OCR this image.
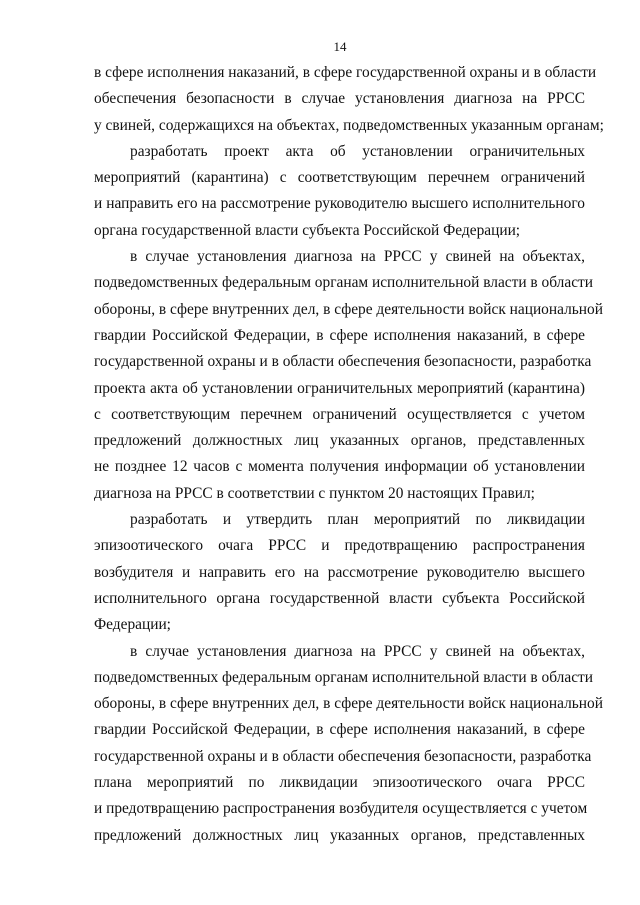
14
в сфере исполнения наказаний, в сфере государственной охраны и в области
обеспечения безопасности в случае установления диагноза на РРСС
у свиней, содержащихся на объектах, подведомственных указанным органам;
разработать проект акта об установлении ограничительных
мероприятий (карантина) с соответствующим перечнем ограничений
и направить его на рассмотрение руководителю высшего исполнительного
органа государственной власти субъекта Российской Федерации;
в случае установления диагноза на РРСС у свиней на объектах,
подведомственных федеральным органам исполнительной власти в области
обороны, в сфере внутренних дел, в сфере деятельности войск национальной
гвардии Российской Федерации, в сфере исполнения наказаний, в сфере
государственной охраны и в области обеспечения безопасности, разработка
проекта акта об установлении ограничительных мероприятий (карантина)
с соответствующим перечнем ограничений осуществляется с учетом
предложений должностных лиц указанных органов, представленных
не позднее 12 часов с момента получения информации об установлении
диагноза на РРСС в соответствии с пунктом 20 настоящих Правил;
разработать и утвердить план мероприятий по ликвидации
эпизоотического очага РРСС и предотвращению распространения
возбудителя и направить его на рассмотрение руководителю высшего
исполнительного органа государственной власти субъекта Российской
Федерации;
в случае установления диагноза на РРСС у свиней на объектах,
подведомственных федеральным органам исполнительной власти в области
обороны, в сфере внутренних дел, в сфере деятельности войск национальной
гвардии Российской Федерации, в сфере исполнения наказаний, в сфере
государственной охраны и в области обеспечения безопасности, разработка
плана мероприятий по ликвидации эпизоотического очага РРСС
и предотвращению распространения возбудителя осуществляется с учетом
предложений должностных лиц указанных органов, представленных
